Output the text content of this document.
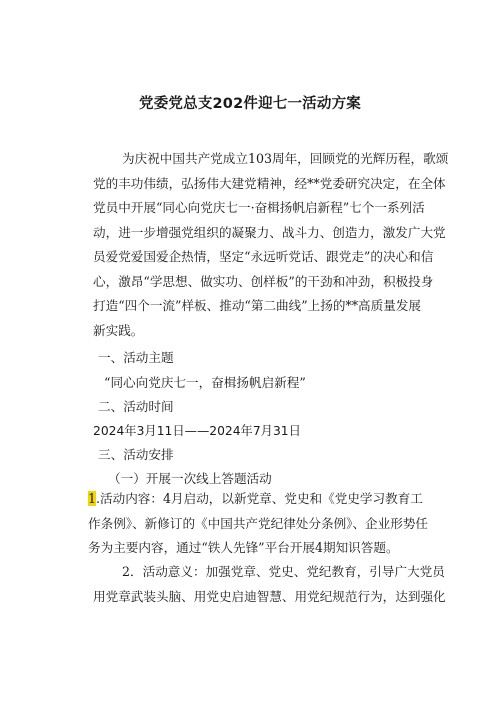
党委党总支202件迎七一活动方案
为庆祝中国共产党成立103周年，回顾党的光辉历程，歌颂
党的丰功伟绩，弘扬伟大建党精神，经**党委研究决定，在全体
党员中开展“同心向党庆七一·奋楫扬帆启新程”七个一系列活
动，进一步增强党组织的凝聚力、战斗力、创造力，激发广大党
员爱党爱国爱企热情，坚定“永远听党话、跟党走”的决心和信
心，激昂“学思想、做实功、创样板”的干劲和冲劲，积极投身
打造“四个一流”样板、推动“第二曲线”上扬的**高质量发展
新实践。
一、活动主题
“同心向党庆七一，奋楫扬帆启新程”
二、活动时间
2024年3月11日——2024年7月31日
三、活动安排
（一）开展一次线上答题活动
1.活动内容：4月启动，以新党章、党史和《党史学习教育工
作条例》、新修订的《中国共产党纪律处分条例》、企业形势任
务为主要内容，通过“铁人先锋”平台开展4期知识答题。
2．活动意义：加强党章、党史、党纪教育，引导广大党员
用党章武装头脑、用党史启迪智慧、用党纪规范行为，达到强化
